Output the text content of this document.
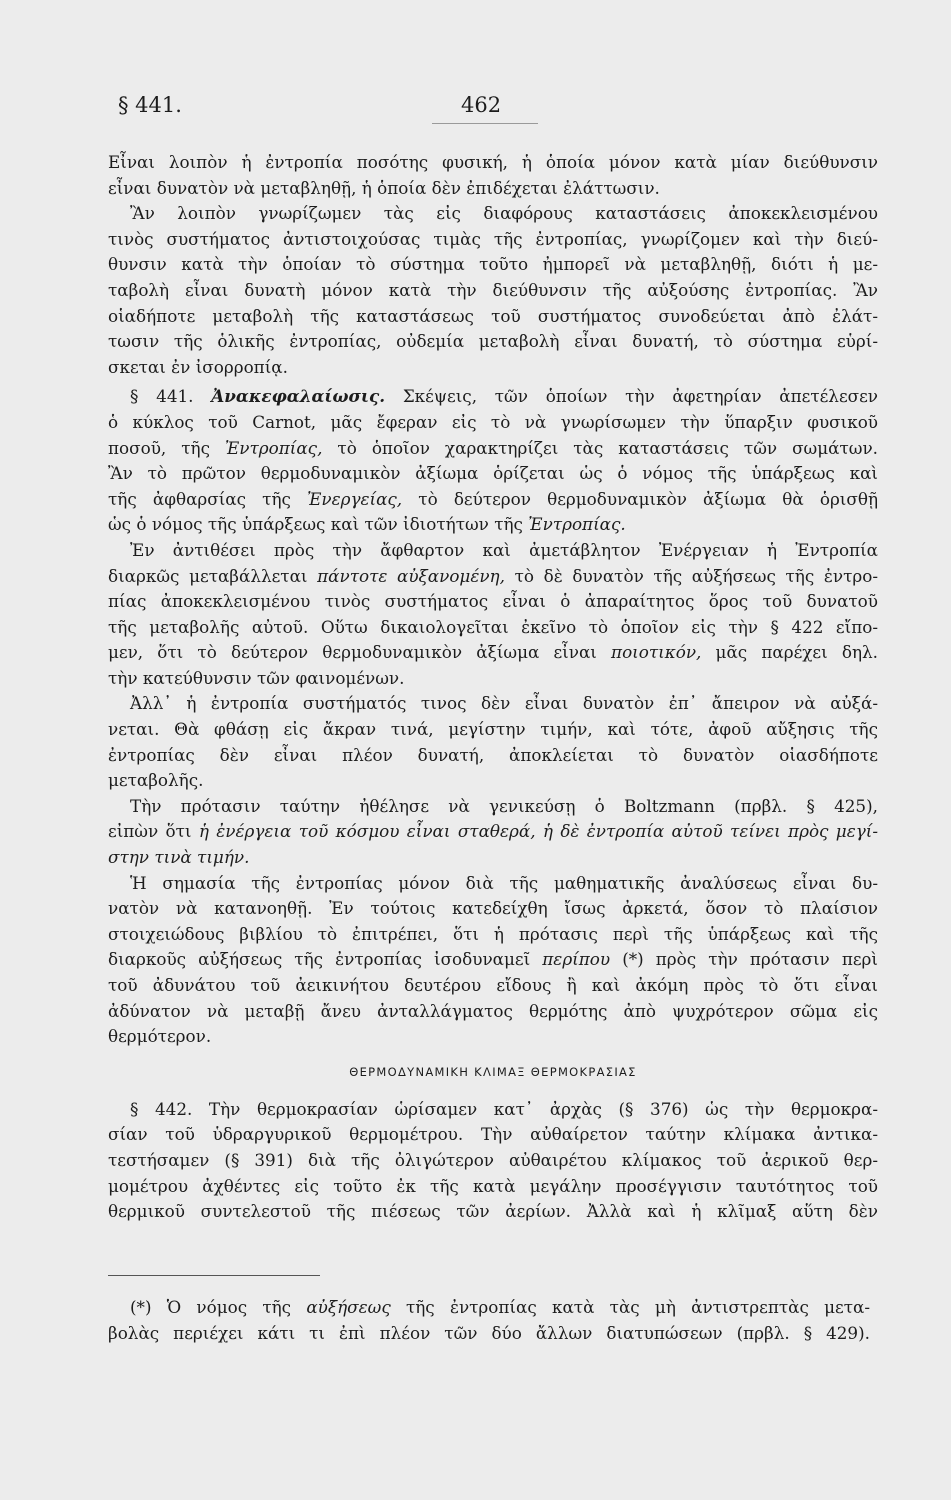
§ 441.	462
Εἶναι λοιπὸν ἡ ἐντροπία ποσότης φυσική, ἡ ὁποία μόνον κατὰ μίαν διεύθυνσιν
εἶναι δυνατὸν νὰ μεταβληθῇ, ἡ ὁποία δὲν ἐπιδέχεται ἐλάττωσιν.
Ἂν λοιπὸν γνωρίζωμεν τὰς εἰς διαφόρους καταστάσεις ἀποκεκλεισμένου
τινὸς συστήματος ἀντιστοιχούσας τιμὰς τῆς ἐντροπίας, γνωρίζομεν καὶ τὴν διεύ-
θυνσιν κατὰ τὴν ὁποίαν τὸ σύστημα τοῦτο ἠμπορεῖ νὰ μεταβληθῇ, διότι ἡ με-
ταβολὴ εἶναι δυνατὴ μόνον κατὰ τὴν διεύθυνσιν τῆς αὐξούσης ἐντροπίας. Ἂν
οἱαδήποτε μεταβολὴ τῆς καταστάσεως τοῦ συστήματος συνοδεύεται ἀπὸ ἐλάτ-
τωσιν τῆς ὁλικῆς ἐντροπίας, οὐδεμία μεταβολὴ εἶναι δυνατή, τὸ σύστημα εὑρί-
σκεται ἐν ἰσορροπίᾳ.
§ 441. Ἀνακεφαλαίωσις. Σκέψεις, τῶν ὁποίων τὴν ἀφετηρίαν ἀπετέλεσεν
ὁ κύκλος τοῦ Carnot, μᾶς ἔφεραν εἰς τὸ νὰ γνωρίσωμεν τὴν ὕπαρξιν φυσικοῦ
ποσοῦ, τῆς Ἐντροπίας, τὸ ὁποῖον χαρακτηρίζει τὰς καταστάσεις τῶν σωμάτων.
Ἂν τὸ πρῶτον θερμοδυναμικὸν ἀξίωμα ὁρίζεται ὡς ὁ νόμος τῆς ὑπάρξεως καὶ
τῆς ἀφθαρσίας τῆς Ἐνεργείας, τὸ δεύτερον θερμοδυναμικὸν ἀξίωμα θὰ ὁρισθῇ
ὡς ὁ νόμος τῆς ὑπάρξεως καὶ τῶν ἰδιοτήτων τῆς Ἐντροπίας.
Ἐν ἀντιθέσει πρὸς τὴν ἄφθαρτον καὶ ἀμετάβλητον Ἐνέργειαν ἡ Ἐντροπία
διαρκῶς μεταβάλλεται πάντοτε αὐξανομένη, τὸ δὲ δυνατὸν τῆς αὐξήσεως τῆς ἐντρο-
πίας ἀποκεκλεισμένου τινὸς συστήματος εἶναι ὁ ἀπαραίτητος ὅρος τοῦ δυνατοῦ
τῆς μεταβολῆς αὐτοῦ. Οὕτω δικαιολογεῖται ἐκεῖνο τὸ ὁποῖον εἰς τὴν § 422 εἴπο-
μεν, ὅτι τὸ δεύτερον θερμοδυναμικὸν ἀξίωμα εἶναι ποιοτικόν, μᾶς παρέχει δηλ.
τὴν κατεύθυνσιν τῶν φαινομένων.
Ἀλλ᾽ ἡ ἐντροπία συστήματός τινος δὲν εἶναι δυνατὸν ἐπ᾽ ἄπειρον νὰ αὐξά-
νεται. Θὰ φθάσῃ εἰς ἄκραν τινά, μεγίστην τιμήν, καὶ τότε, ἀφοῦ αὔξησις τῆς
ἐντροπίας δὲν εἶναι πλέον δυνατή, ἀποκλείεται τὸ δυνατὸν οἱασδήποτε
μεταβολῆς.
Τὴν πρότασιν ταύτην ἠθέλησε νὰ γενικεύσῃ ὁ Boltzmann (πρβλ. § 425),
εἰπὼν ὅτι ἡ ἐνέργεια τοῦ κόσμου εἶναι σταθερά, ἡ δὲ ἐντροπία αὐτοῦ τείνει πρὸς μεγί-
στην τινὰ τιμήν.
Ἡ σημασία τῆς ἐντροπίας μόνον διὰ τῆς μαθηματικῆς ἀναλύσεως εἶναι δυ-
νατὸν νὰ κατανοηθῇ. Ἐν τούτοις κατεδείχθη ἴσως ἀρκετά, ὅσον τὸ πλαίσιον
στοιχειώδους βιβλίου τὸ ἐπιτρέπει, ὅτι ἡ πρότασις περὶ τῆς ὑπάρξεως καὶ τῆς
διαρκοῦς αὐξήσεως τῆς ἐντροπίας ἰσοδυναμεῖ περίπου (*) πρὸς τὴν πρότασιν περὶ
τοῦ ἀδυνάτου τοῦ ἀεικινήτου δευτέρου εἴδους ἢ καὶ ἀκόμη πρὸς τὸ ὅτι εἶναι
ἀδύνατον νὰ μεταβῇ ἄνευ ἀνταλλάγματος θερμότης ἀπὸ ψυχρότερον σῶμα εἰς
θερμότερον.
ΘΕΡΜΟΔΥΝΑΜΙΚΗ ΚΛΙΜΑΞ ΘΕΡΜΟΚΡΑΣΙΑΣ
§ 442. Τὴν θερμοκρασίαν ὡρίσαμεν κατ᾽ ἀρχὰς (§ 376) ὡς τὴν θερμοκρα-
σίαν τοῦ ὑδραργυρικοῦ θερμομέτρου. Τὴν αὐθαίρετον ταύτην κλίμακα ἀντικα-
τεστήσαμεν (§ 391) διὰ τῆς ὀλιγώτερον αὐθαιρέτου κλίμακος τοῦ ἀερικοῦ θερ-
μομέτρου ἀχθέντες εἰς τοῦτο ἐκ τῆς κατὰ μεγάλην προσέγγισιν ταυτότητος τοῦ
θερμικοῦ συντελεστοῦ τῆς πιέσεως τῶν ἀερίων. Ἀλλὰ καὶ ἡ κλῖμαξ αὕτη δὲν
(*) Ὁ νόμος τῆς αὐξήσεως τῆς ἐντροπίας κατὰ τὰς μὴ ἀντιστρεπτὰς μετα-
βολὰς περιέχει κάτι τι ἐπὶ πλέον τῶν δύο ἄλλων διατυπώσεων (πρβλ. § 429).
